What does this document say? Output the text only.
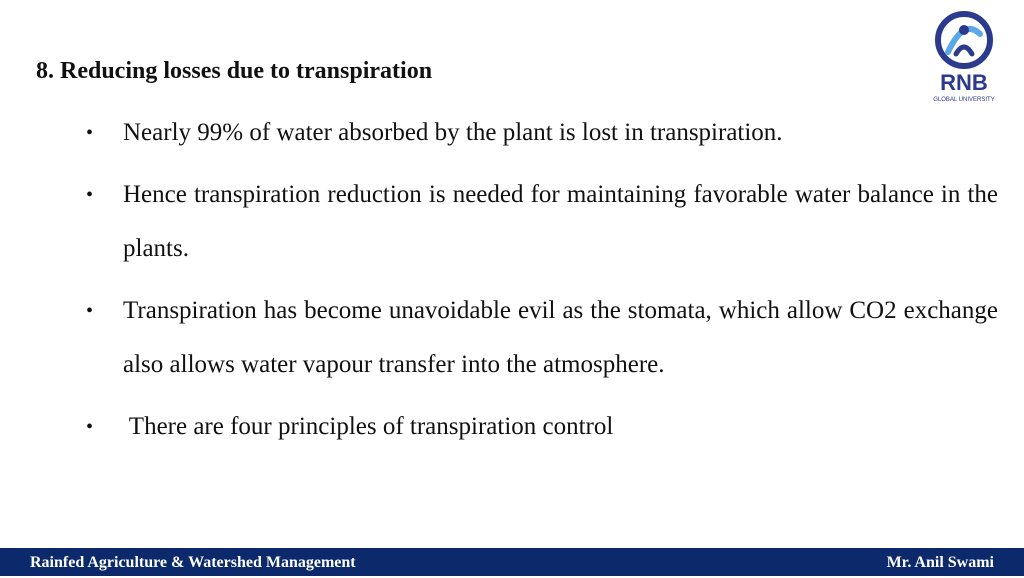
8. Reducing losses due to transpiration	RNB
GLOBAL UNIVERSITY
• Nearly 99% of water absorbed by the plant is lost in transpiration.
• Hence transpiration reduction is needed for maintaining favorable water balance in the plants.
• Transpiration has become unavoidable evil as the stomata, which allow CO2 exchange also allows water vapour transfer into the atmosphere.
• There are four principles of transpiration control
Rainfed Agriculture & Watershed Management	Mr. Anil Swami
